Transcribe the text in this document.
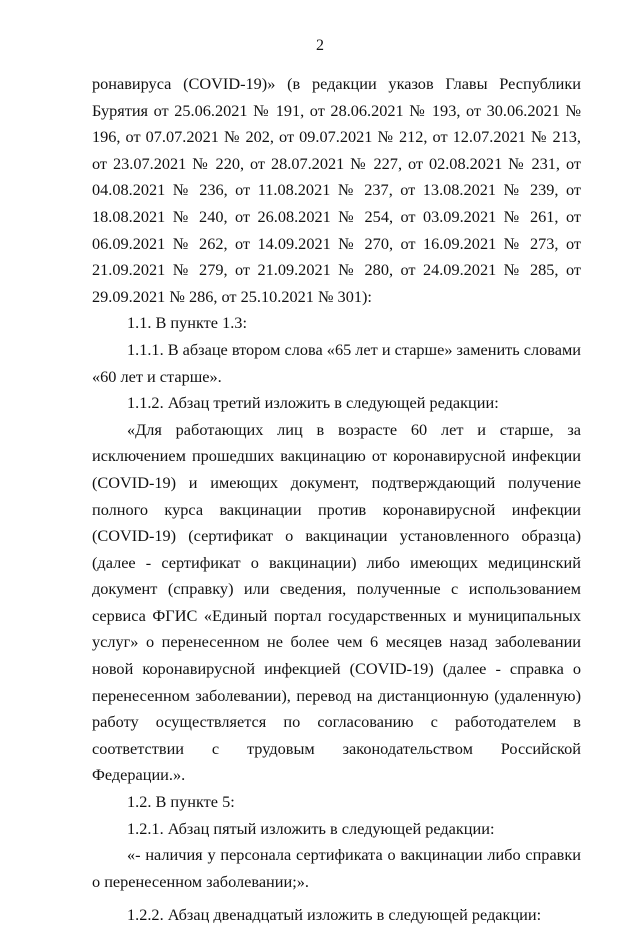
2

ронавируса (COVID-19)» (в редакции указов Главы Республики Бурятия от 25.06.2021 № 191, от 28.06.2021 № 193, от 30.06.2021 № 196, от 07.07.2021 № 202, от 09.07.2021 № 212, от 12.07.2021 № 213, от 23.07.2021 № 220, от 28.07.2021 № 227, от 02.08.2021 № 231, от 04.08.2021 № 236, от 11.08.2021 № 237, от 13.08.2021 № 239, от 18.08.2021 № 240, от 26.08.2021 № 254, от 03.09.2021 № 261, от 06.09.2021 № 262, от 14.09.2021 № 270, от 16.09.2021 № 273, от 21.09.2021 № 279, от 21.09.2021 № 280, от 24.09.2021 № 285, от 29.09.2021 № 286, от 25.10.2021 № 301):

1.1. В пункте 1.3:

1.1.1. В абзаце втором слова «65 лет и старше» заменить словами «60 лет и старше».

1.1.2. Абзац третий изложить в следующей редакции:

«Для работающих лиц в возрасте 60 лет и старше, за исключением прошедших вакцинацию от коронавирусной инфекции (COVID-19) и имеющих документ, подтверждающий получение полного курса вакцинации против коронавирусной инфекции (COVID-19) (сертификат о вакцинации установленного образца) (далее - сертификат о вакцинации) либо имеющих медицинский документ (справку) или сведения, полученные с использованием сервиса ФГИС «Единый портал государственных и муниципальных услуг» о перенесенном не более чем 6 месяцев назад заболевании новой коронавирусной инфекцией (COVID-19) (далее - справка о перенесенном заболевании), перевод на дистанционную (удаленную) работу осуществляется по согласованию с работодателем в соответствии с трудовым законодательством Российской Федерации.».

1.2. В пункте 5:

1.2.1. Абзац пятый изложить в следующей редакции:

«- наличия у персонала сертификата о вакцинации либо справки о перенесенном заболевании;».

1.2.2. Абзац двенадцатый изложить в следующей редакции:
